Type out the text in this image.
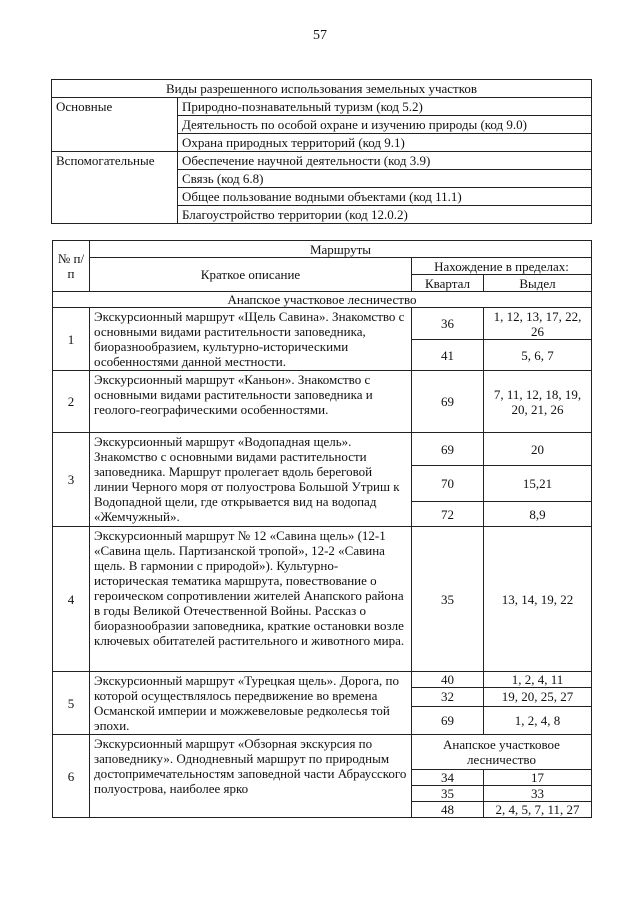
57
Виды разрешенного использования земельных участков	
Основные	Природно-познавательный туризм (код 5.2)
	Деятельность по особой охране и изучению природы (код 9.0)
	Охрана природных территорий (код 9.1)
Вспомогательные	Обеспечение научной деятельности (код 3.9)
	Связь (код 6.8)
	Общее пользование водными объектами (код 11.1)
	Благоустройство территории (код 12.0.2)
№ п/п	Маршруты		
	Краткое описание	Нахождение в пределах:	
		Квартал	Выдел
Анапское участковое лесничество			
1	Экскурсионный маршрут «Щель Савина». Знакомство с основными видами растительности заповедника, биоразнообразием, культурно-историческими особенностями данной местности.	36	1, 12, 13, 17, 22, 26
		41	5, 6, 7
2	Экскурсионный маршрут «Каньон». Знакомство с основными видами растительности заповедника и геолого-географическими особенностями.	69	7, 11, 12, 18, 19, 20, 21, 26
3	Экскурсионный маршрут «Водопадная щель». Знакомство с основными видами растительности заповедника. Маршрут пролегает вдоль береговой линии Черного моря от полуострова Большой Утриш к Водопадной щели, где открывается вид на водопад «Жемчужный».	69	20
		70	15,21
		72	8,9
4	Экскурсионный маршрут № 12 «Савина щель» (12-1 «Савина щель. Партизанской тропой», 12-2 «Савина щель. В гармонии с природой»). Культурно-историческая тематика маршрута, повествование о героическом сопротивлении жителей Анапского района в годы Великой Отечественной Войны. Рассказ о биоразнообразии заповедника, краткие остановки возле ключевых обитателей растительного и животного мира.	35	13, 14, 19, 22
5	Экскурсионный маршрут «Турецкая щель». Дорога, по которой осуществлялось передвижение во времена Османской империи и можжевеловые редколесья той эпохи.	40	1, 2, 4, 11
		32	19, 20, 25, 27
		69	1, 2, 4, 8
6	Экскурсионный маршрут «Обзорная экскурсия по заповеднику». Однодневный маршрут по природным достопримечательностям заповедной части Абраусского полуострова, наиболее ярко	Анапское участковое лесничество	
		34	17
		35	33
		48	2, 4, 5, 7, 11, 27
